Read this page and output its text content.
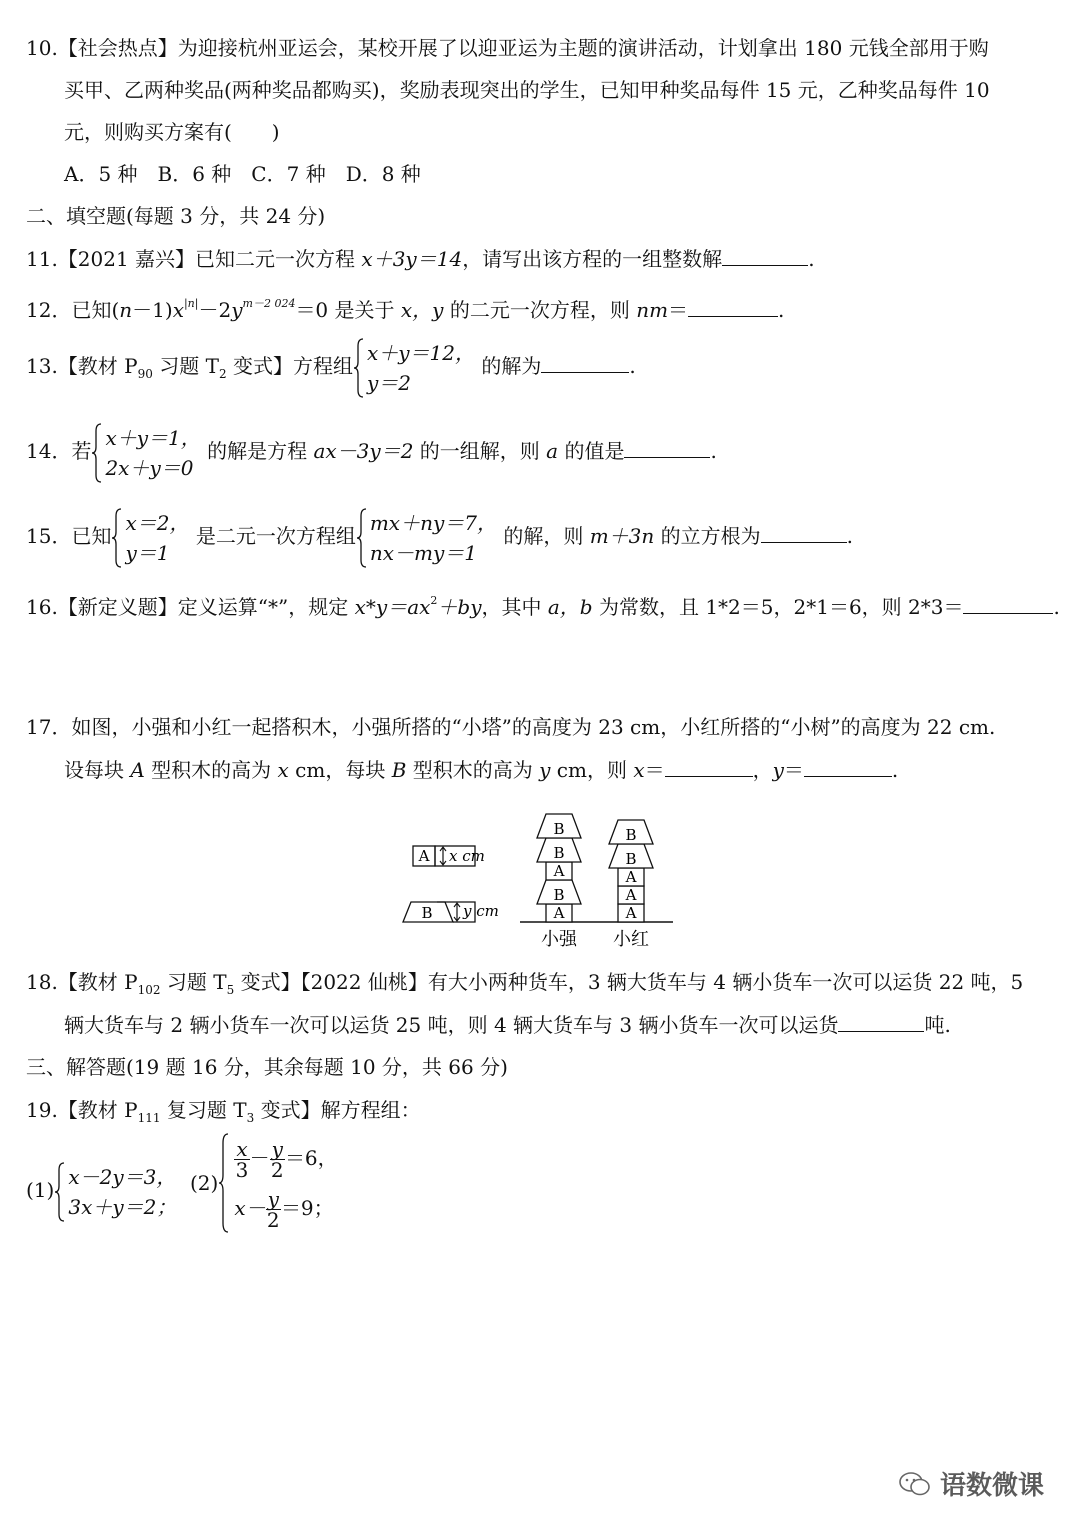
10.【社会热点】为迎接杭州亚运会，某校开展了以迎亚运为主题的演讲活动，计划拿出 180 元钱全部用于购
买甲、乙两种奖品(两种奖品都购买)，奖励表现突出的学生，已知甲种奖品每件 15 元，乙种奖品每件 10
元，则购买方案有(　　)
A．5 种　B．6 种　C．7 种　D．8 种
二、填空题(每题 3 分，共 24 分)
11.【2021 嘉兴】已知二元一次方程 x＋3y＝14，请写出该方程的一组整数解	.
12．已知$(n-1)x^{|n|}-2y^{m-2 024}=0$ 是关于 x，y 的二元一次方程，则 nm＝	.
13.【教材 $P_{90}$ 习题 $T_2$ 变式】方程组
x＋y＝12，
y＝2
的解为	.
14．若
x＋y＝1，
2x＋y＝0
的解是方程 ax－3y＝2 的一组解，则 a 的值是	.
15．已知
x＝2，
y＝1
是二元一次方程组
mx＋ny＝7，
nx－my＝1
的解，则 m＋3n 的立方根为	.
16.【新定义题】定义运算“*”，规定 $x*y=ax^2+by$，其中 a，b 为常数，且 1*2＝5，2*1＝6，则 2*3＝	.
17．如图，小强和小红一起搭积木，小强所搭的“小塔”的高度为 23 cm，小红所搭的“小树”的高度为 22 cm.
设每块 A 型积木的高为 x cm，每块 B 型积木的高为 y cm，则 x＝	，y＝	.
A x cm
B y cm	A
B
A
B
B
A
A
A
B
B
小强 小红
18.【教材 $P_{102}$ 习题 $T_5$ 变式】【2022 仙桃】有大小两种货车，3 辆大货车与 4 辆小货车一次可以运货 22 吨，5
辆大货车与 2 辆小货车一次可以运货 25 吨，则 4 辆大货车与 3 辆小货车一次可以运货	吨.
三、解答题(19 题 16 分，其余每题 10 分，共 66 分)
19.【教材 $P_{111}$ 复习题 $T_3$ 变式】解方程组：
(1)
x－2y＝3，
3x＋y＝2；
(2)
$\frac{x}{3} - \frac{y}{2} =6$，
$x- \frac{y}{2} =9$；
语数微课
